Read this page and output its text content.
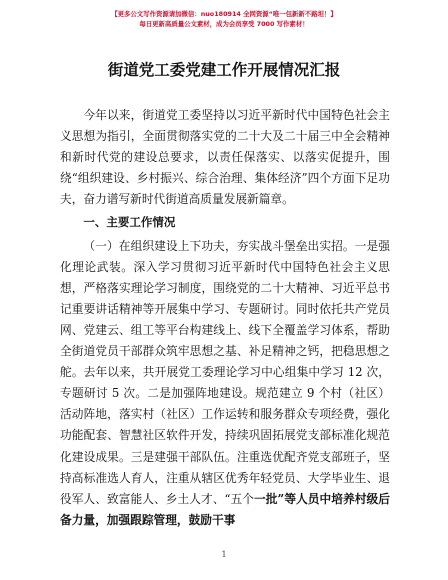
【更多公文写作资源请加微信：nuo180914 全网资源“唯一包新新不路坦！】
每日更新高质量公文素材，成为会员享受 7000 写作素材！
街道党工委党建工作开展情况汇报

今年以来，街道党工委坚持以习近平新时代中国特色社会主义思想为指引，全面贯彻落实党的二十大及二十届三中全会精神和新时代党的建设总要求，以责任保落实、以落实促提升，围绕“组织建设、乡村振兴、综合治理、集体经济”四个方面下足功夫，奋力谱写新时代街道高质量发展新篇章。

一、主要工作情况

（一）在组织建设上下功夫，夯实战斗堡垒出实招。一是强化理论武装。深入学习贯彻习近平新时代中国特色社会主义思想，严格落实理论学习制度，围绕党的二十大精神、习近平总书记重要讲话精神等开展集中学习、专题研讨。同时依托共产党员网、党建云、组工等平台构建线上、线下全覆盖学习体系，帮助全街道党员干部群众筑牢思想之基、补足精神之钙，把稳思想之舵。去年以来，共开展党工委理论学习中心组集中学习 12 次，专题研讨 5 次。二是加强阵地建设。规范建立 9 个村（社区）活动阵地，落实村（社区）工作运转和服务群众专项经费，强化功能配套、智慧社区软件开发，持续巩固拓展党支部标准化规范化建设成果。三是建强干部队伍。注重选优配齐党支部班子，坚持高标准选人育人，注重从辖区优秀年轻党员、大学毕业生、退役军人、致富能人、乡土人才、“五个一批”等人员中培养村级后备力量，加强跟踪管理，鼓励干事

1
